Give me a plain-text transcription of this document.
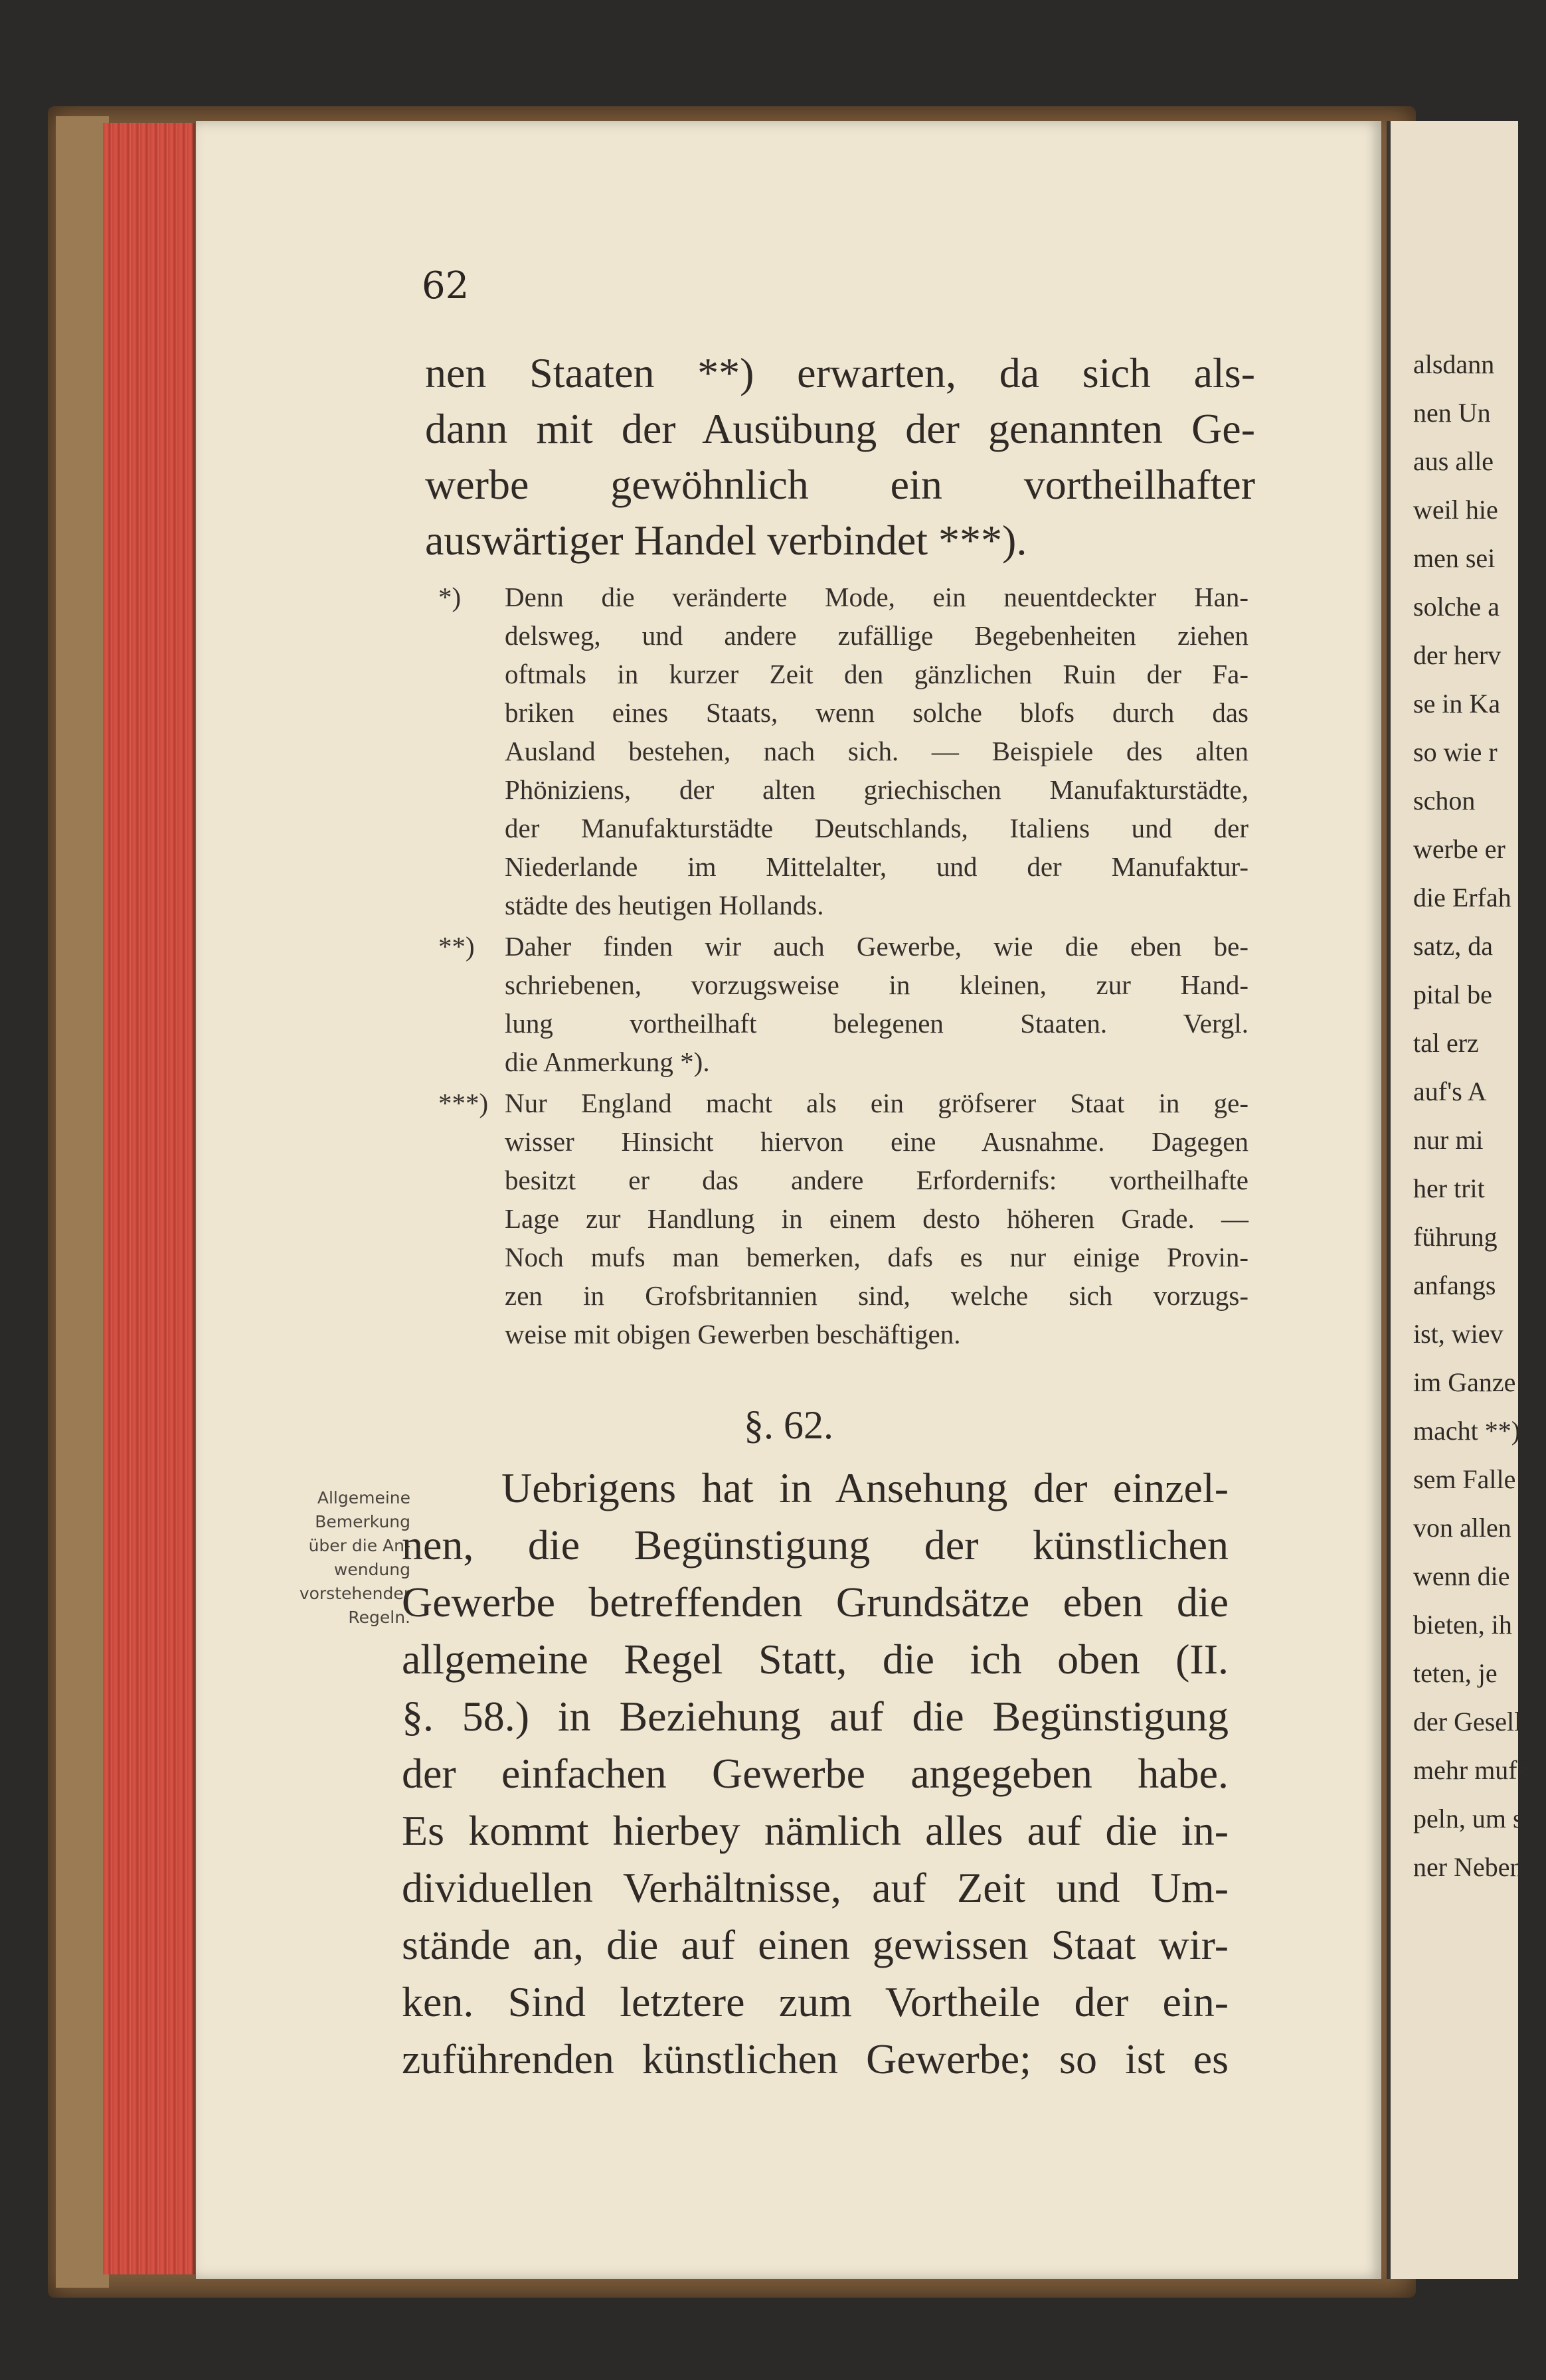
62
nen Staaten **) erwarten, da sich als-
dann mit der Ausübung der genannten Ge-
werbe gewöhnlich ein vortheilhafter
auswärtiger Handel verbindet ***).
*) Denn die veränderte Mode, ein neuentdeckter Han-
delsweg, und andere zufällige Begebenheiten ziehen
oftmals in kurzer Zeit den gänzlichen Ruin der Fa-
briken eines Staats, wenn solche blofs durch das
Ausland bestehen, nach sich. — Beispiele des alten
Phöniziens, der alten griechischen Manufakturstädte,
der Manufakturstädte Deutschlands, Italiens und der
Niederlande im Mittelalter, und der Manufaktur-
städte des heutigen Hollands.
**) Daher finden wir auch Gewerbe, wie die eben be-
schriebenen, vorzugsweise in kleinen, zur Hand-
lung vortheilhaft belegenen Staaten. Vergl.
die Anmerkung *).
***) Nur England macht als ein gröfserer Staat in ge-
wisser Hinsicht hiervon eine Ausnahme. Dagegen
besitzt er das andere Erfordernifs: vortheilhafte
Lage zur Handlung in einem desto höheren Grade. —
Noch mufs man bemerken, dafs es nur einige Provin-
zen in Grofsbritannien sind, welche sich vorzugs-
weise mit obigen Gewerben beschäftigen.
§. 62.
Allgemeine
Bemerkung
über die An-
wendung
vorstehender
Regeln.
Uebrigens hat in Ansehung der einzel-
nen, die Begünstigung der künstlichen
Gewerbe betreffenden Grundsätze eben die
allgemeine Regel Statt, die ich oben (II.
§. 58.) in Beziehung auf die Begünstigung
der einfachen Gewerbe angegeben habe.
Es kommt hierbey nämlich alles auf die in-
dividuellen Verhältnisse, auf Zeit und Um-
stände an, die auf einen gewissen Staat wir-
ken. Sind letztere zum Vortheile der ein-
zuführenden künstlichen Gewerbe; so ist es
alsdann
nen Un
aus alle
weil hie
men sei
solche a
der herv
se in Ka
so wie r
schon
werbe er
die Erfah
satz, da
pital be
tal erz
auf's A
nur mi
her trit
führung
anfangs
ist, wiev
im Ganze
macht **).
sem Falle
von allen
wenn die
bieten, ih
teten, je
der Gesell
mehr mufs
peln, um s
ner Neben
